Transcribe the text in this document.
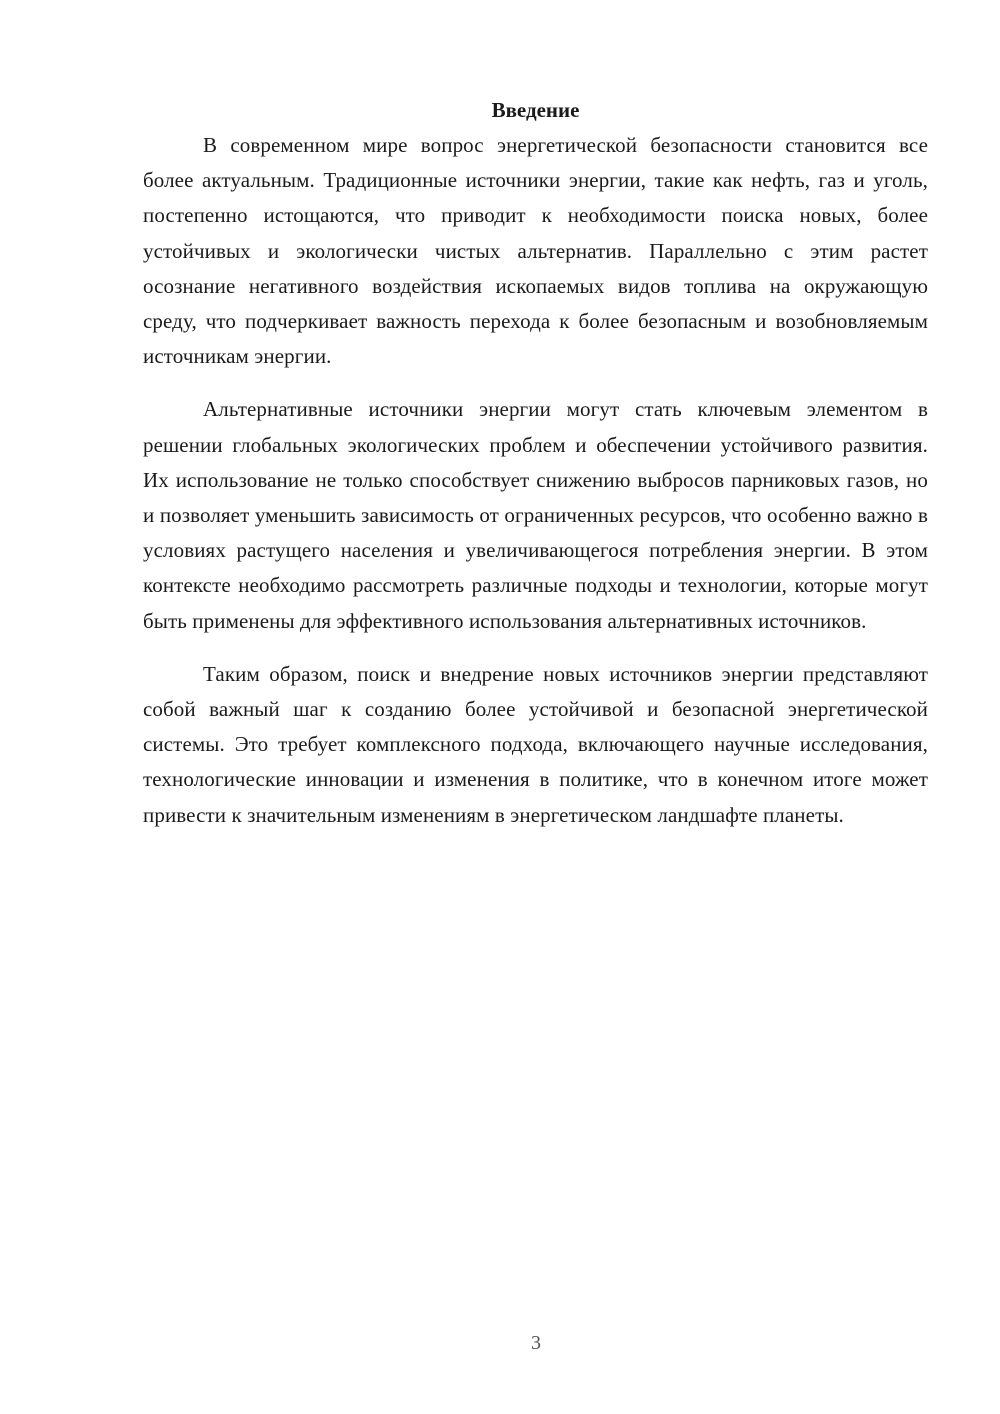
Введение

В современном мире вопрос энергетической безопасности становится все более актуальным. Традиционные источники энергии, такие как нефть, газ и уголь, постепенно истощаются, что приводит к необходимости поиска новых, более устойчивых и экологически чистых альтернатив. Параллельно с этим растет осознание негативного воздействия ископаемых видов топлива на окружающую среду, что подчеркивает важность перехода к более безопасным и возобновляемым источникам энергии.

Альтернативные источники энергии могут стать ключевым элементом в решении глобальных экологических проблем и обеспечении устойчивого развития. Их использование не только способствует снижению выбросов парниковых газов, но и позволяет уменьшить зависимость от ограниченных ресурсов, что особенно важно в условиях растущего населения и увеличивающегося потребления энергии. В этом контексте необходимо рассмотреть различные подходы и технологии, которые могут быть применены для эффективного использования альтернативных источников.

Таким образом, поиск и внедрение новых источников энергии представляют собой важный шаг к созданию более устойчивой и безопасной энергетической системы. Это требует комплексного подхода, включающего научные исследования, технологические инновации и изменения в политике, что в конечном итоге может привести к значительным изменениям в энергетическом ландшафте планеты.

3
